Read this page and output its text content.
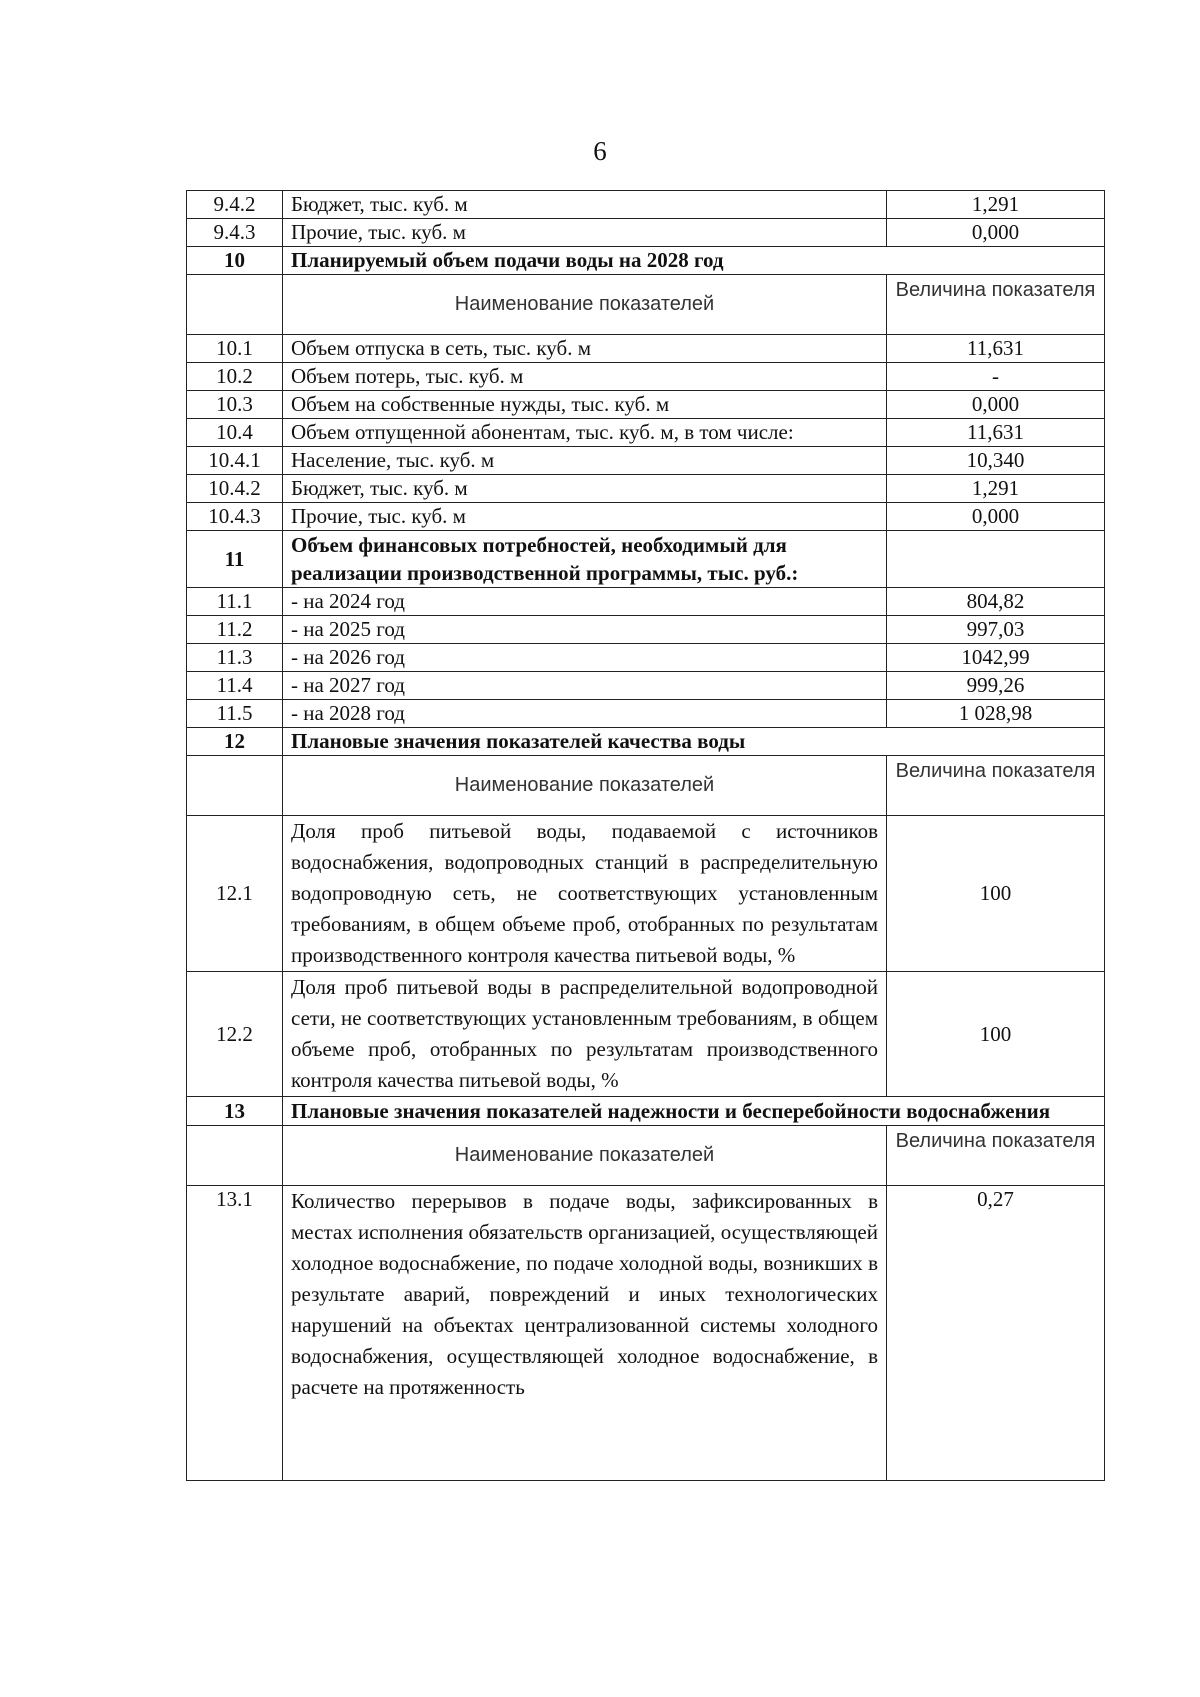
6
9.4.2	Бюджет, тыс. куб. м	1,291
9.4.3	Прочие, тыс. куб. м	0,000
10	Планируемый объем подачи воды на 2028 год	
	Наименование показателей	Величина показателя
10.1	Объем отпуска в сеть, тыс. куб. м	11,631
10.2	Объем потерь, тыс. куб. м	-
10.3	Объем на собственные нужды, тыс. куб. м	0,000
10.4	Объем отпущенной абонентам, тыс. куб. м, в том числе:	11,631
10.4.1	Население, тыс. куб. м	10,340
10.4.2	Бюджет, тыс. куб. м	1,291
10.4.3	Прочие, тыс. куб. м	0,000
11	Объем финансовых потребностей, необходимый для реализации производственной программы, тыс. руб.:	
11.1	- на 2024 год	804,82
11.2	- на 2025 год	997,03
11.3	- на 2026 год	1042,99
11.4	- на 2027 год	999,26
11.5	- на 2028 год	1 028,98
12	Плановые значения показателей качества воды	
	Наименование показателей	Величина показателя
12.1	Доля проб питьевой воды, подаваемой с источников водоснабжения, водопроводных станций в распределительную водопроводную сеть, не соответствующих установленным требованиям, в общем объеме проб, отобранных по результатам производственного контроля качества питьевой воды, %	100
12.2	Доля проб питьевой воды в распределительной водопроводной сети, не соответствующих установленным требованиям, в общем объеме проб, отобранных по результатам производственного контроля качества питьевой воды, %	100
13	Плановые значения показателей надежности и бесперебойности водоснабжения	
	Наименование показателей	Величина показателя
13.1	Количество перерывов в подаче воды, зафиксированных в местах исполнения обязательств организацией, осуществляющей холодное водоснабжение, по подаче холодной воды, возникших в результате аварий, повреждений и иных технологических нарушений на объектах централизованной системы холодного водоснабжения, осуществляющей холодное водоснабжение, в расчете на протяженность	0,27
